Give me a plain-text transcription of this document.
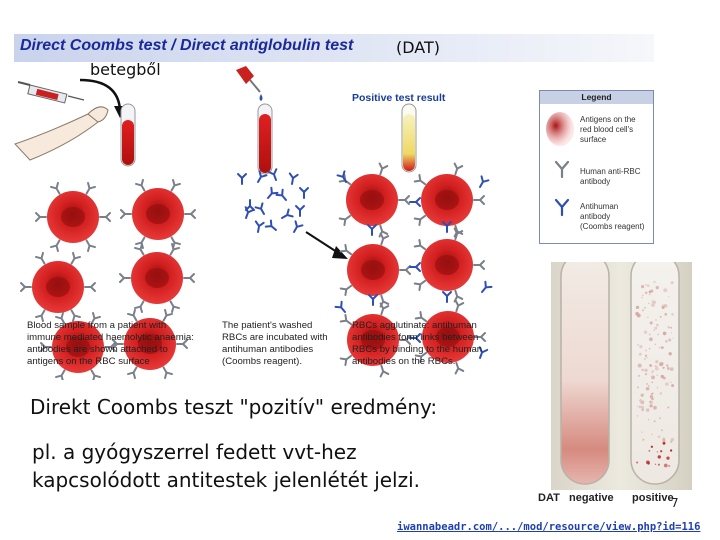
Direct Coombs test / Direct antiglobulin test	(DAT)
betegből
Positive test result
Blood sample from a patient with
immune mediated haemolytic anaemia:
antibodies are shown attached to
antigens on the RBC surface
The patient's washed
RBCs are incubated with
antihuman antibodies
(Coombs reagent).
RBCs agglutinate: antihuman
antibodies form links between
RBCs by binding to the human
antibodies on the RBCs.
Legend
Antigens on the
red blood cell's
surface
Human anti-RBC
antibody
Antihuman
antibody
(Coombs reagent)
DAT negative positive
Direkt Coombs teszt "pozitív" eredmény:
pl. a gyógyszerrel fedett vvt-hez
kapcsolódott antitestek jelenlétét jelzi.
7
iwannabeadr.com/.../mod/resource/view.php?id=116
